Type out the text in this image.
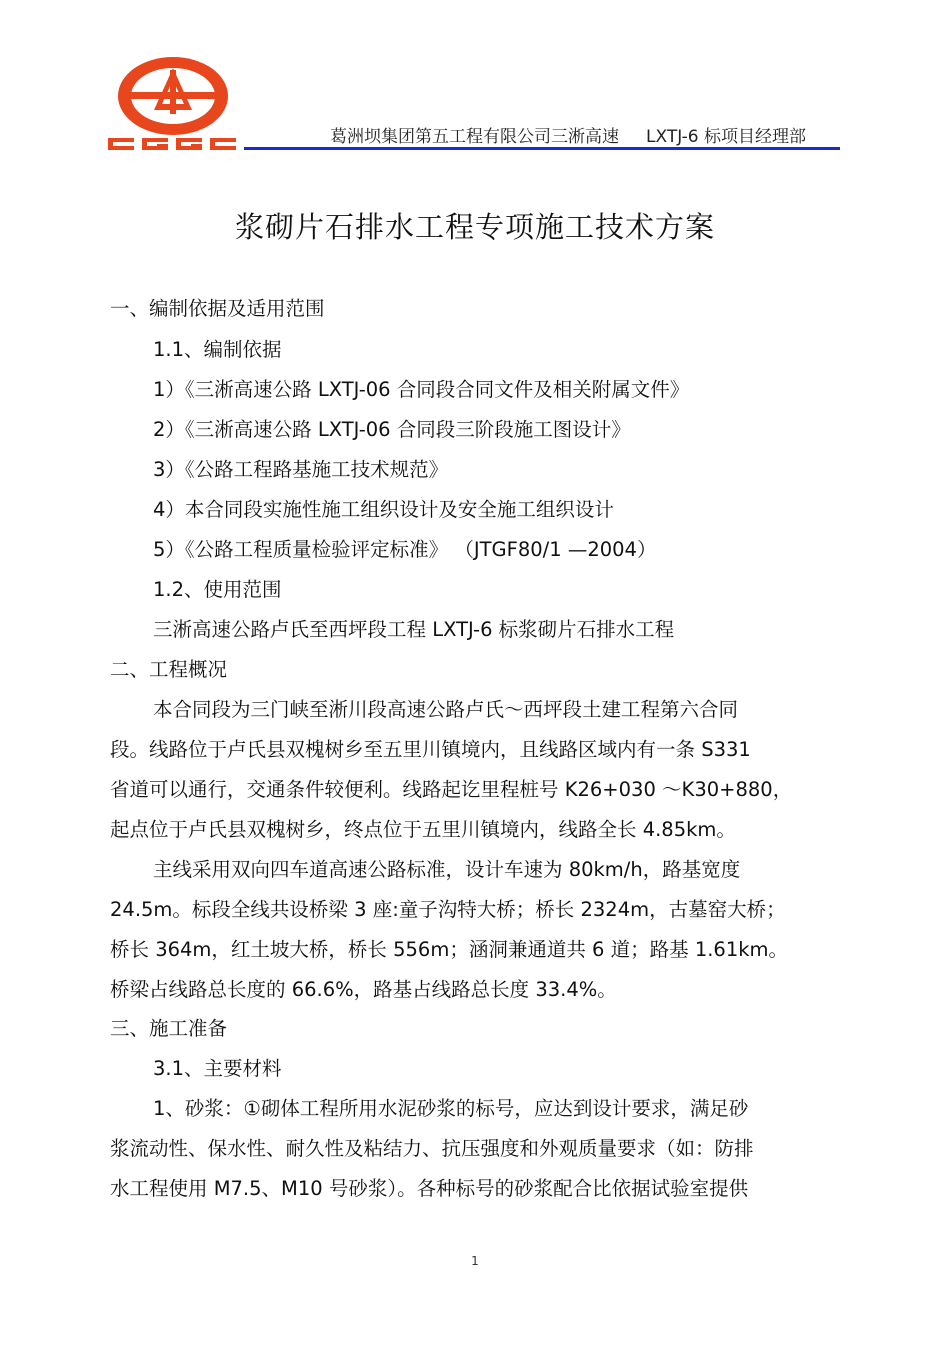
葛洲坝集团第五工程有限公司三淅高速 LXTJ-6 标项目经理部
浆砌片石排水工程专项施工技术方案
一、编制依据及适用范围
1.1、编制依据
1）《三淅高速公路 LXTJ-06 合同段合同文件及相关附属文件》
2）《三淅高速公路 LXTJ-06 合同段三阶段施工图设计》
3）《公路工程路基施工技术规范》
4）本合同段实施性施工组织设计及安全施工组织设计
5）《公路工程质量检验评定标准》 （JTGF80/1 —2004）
1.2、使用范围
三淅高速公路卢氏至西坪段工程 LXTJ-6 标浆砌片石排水工程
二、工程概况
本合同段为三门峡至淅川段高速公路卢氏～西坪段土建工程第六合同
段。线路位于卢氏县双槐树乡至五里川镇境内，且线路区域内有一条 S331
省道可以通行，交通条件较便利。线路起讫里程桩号 K26+030 ～K30+880，
起点位于卢氏县双槐树乡，终点位于五里川镇境内，线路全长 4.85km。
主线采用双向四车道高速公路标准，设计车速为 80km/h，路基宽度
24.5m。标段全线共设桥梁 3 座:童子沟特大桥；桥长 2324m，古墓窑大桥；
桥长 364m，红土坡大桥，桥长 556m；涵洞兼通道共 6 道；路基 1.61km。
桥梁占线路总长度的 66.6%，路基占线路总长度 33.4%。
三、施工准备
3.1、主要材料
1、砂浆：①砌体工程所用水泥砂浆的标号，应达到设计要求，满足砂
浆流动性、保水性、耐久性及粘结力、抗压强度和外观质量要求（如：防排
水工程使用 M7.5、M10 号砂浆）。各种标号的砂浆配合比依据试验室提供
1
